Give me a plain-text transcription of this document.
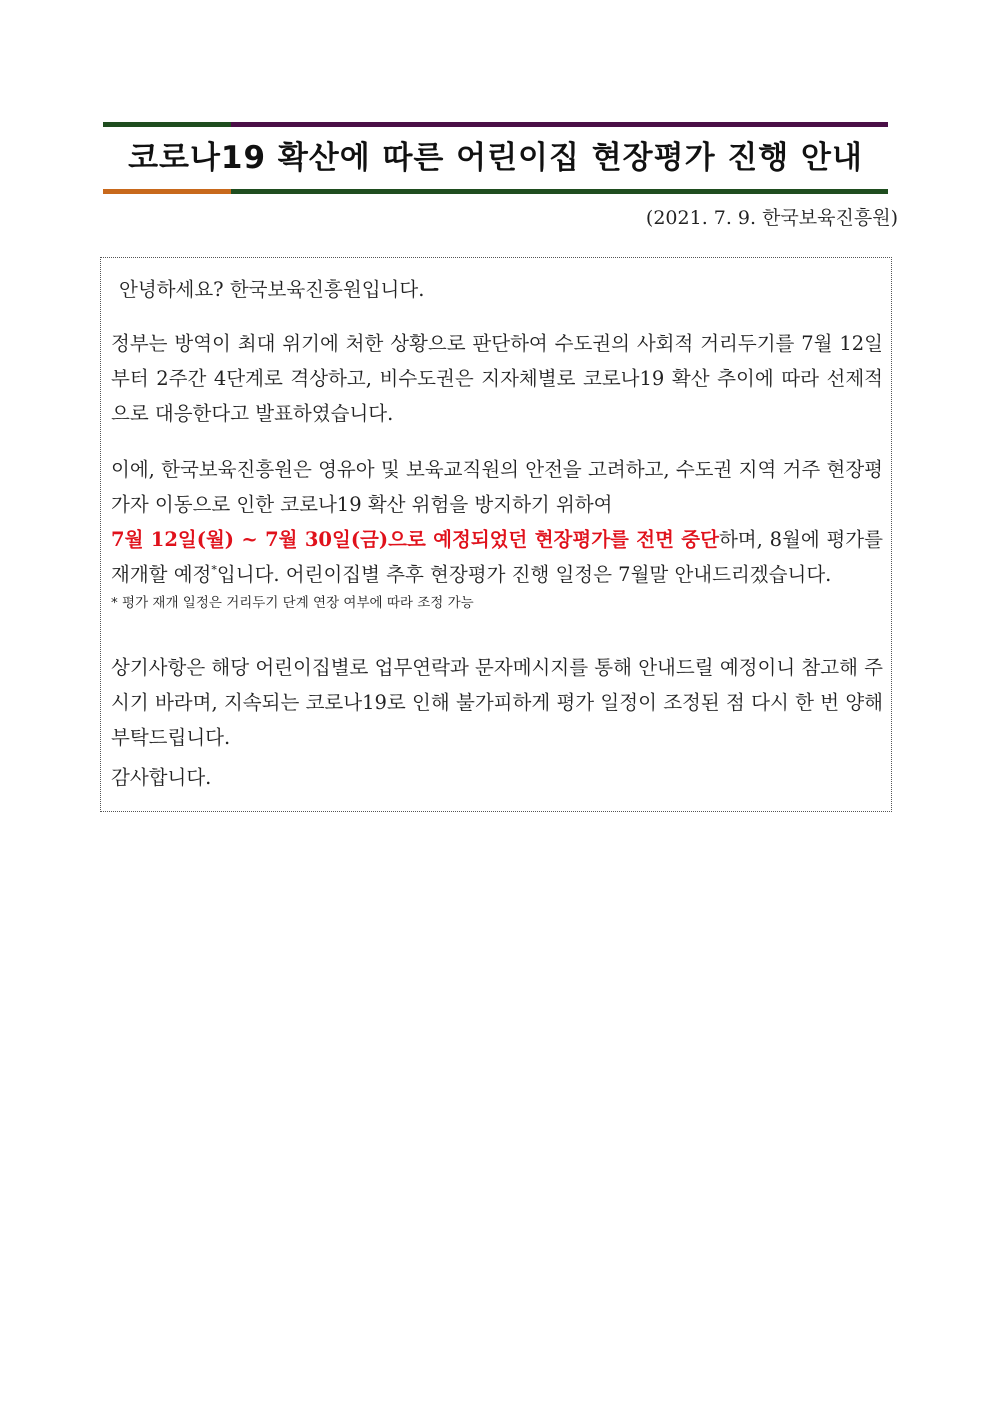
코로나19 확산에 따른 어린이집 현장평가 진행 안내
(2021. 7. 9. 한국보육진흥원)

안녕하세요? 한국보육진흥원입니다.

정부는 방역이 최대 위기에 처한 상황으로 판단하여 수도권의 사회적 거리두기를 7월 12일부터 2주간 4단계로 격상하고, 비수도권은 지자체별로 코로나19 확산 추이에 따라 선제적으로 대응한다고 발표하였습니다.

이에, 한국보육진흥원은 영유아 및 보육교직원의 안전을 고려하고, 수도권 지역 거주 현장평가자 이동으로 인한 코로나19 확산 위험을 방지하기 위하여
7월 12일(월) ~ 7월 30일(금)으로 예정되었던 현장평가를 전면 중단하며, 8월에 평가를 재개할 예정*입니다. 어린이집별 추후 현장평가 진행 일정은 7월말 안내드리겠습니다.

* 평가 재개 일정은 거리두기 단계 연장 여부에 따라 조정 가능

상기사항은 해당 어린이집별로 업무연락과 문자메시지를 통해 안내드릴 예정이니 참고해 주시기 바라며, 지속되는 코로나19로 인해 불가피하게 평가 일정이 조정된 점 다시 한 번 양해 부탁드립니다.

감사합니다.
